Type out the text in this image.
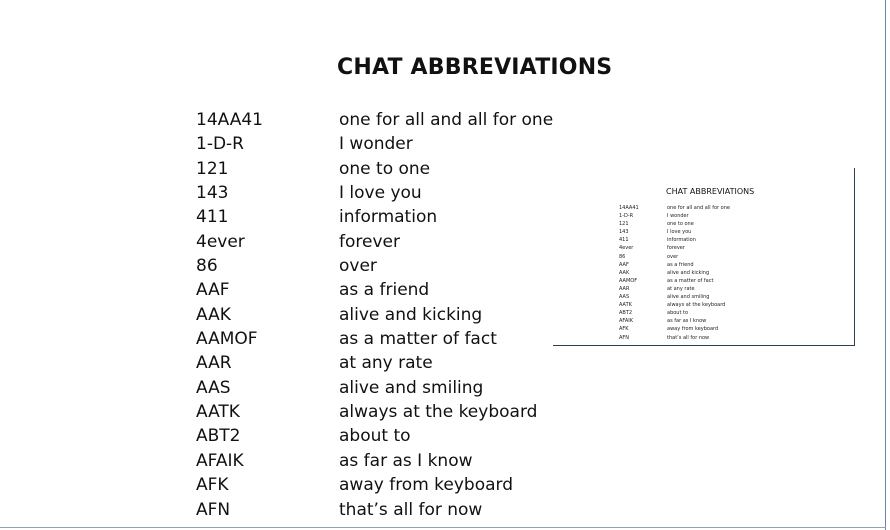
CHAT ABBREVIATIONS
14AA41	one for all and all for one
1-D-R	I wonder
121	one to one
143	I love you
411	information
4ever	forever
86	over
AAF	as a friend
AAK	alive and kicking
AAMOF	as a matter of fact
AAR	at any rate
AAS	alive and smiling
AATK	always at the keyboard
ABT2	about to
AFAIK	as far as I know
AFK	away from keyboard
AFN	that’s all for now
CHAT ABBREVIATIONS
14AA41	one for all and all for one
1-D-R	I wonder
121	one to one
143	I love you
411	information
4ever	forever
86	over
AAF	as a friend
AAK	alive and kicking
AAMOF	as a matter of fact
AAR	at any rate
AAS	alive and smiling
AATK	always at the keyboard
ABT2	about to
AFAIK	as far as I know
AFK	away from keyboard
AFN	that’s all for now
